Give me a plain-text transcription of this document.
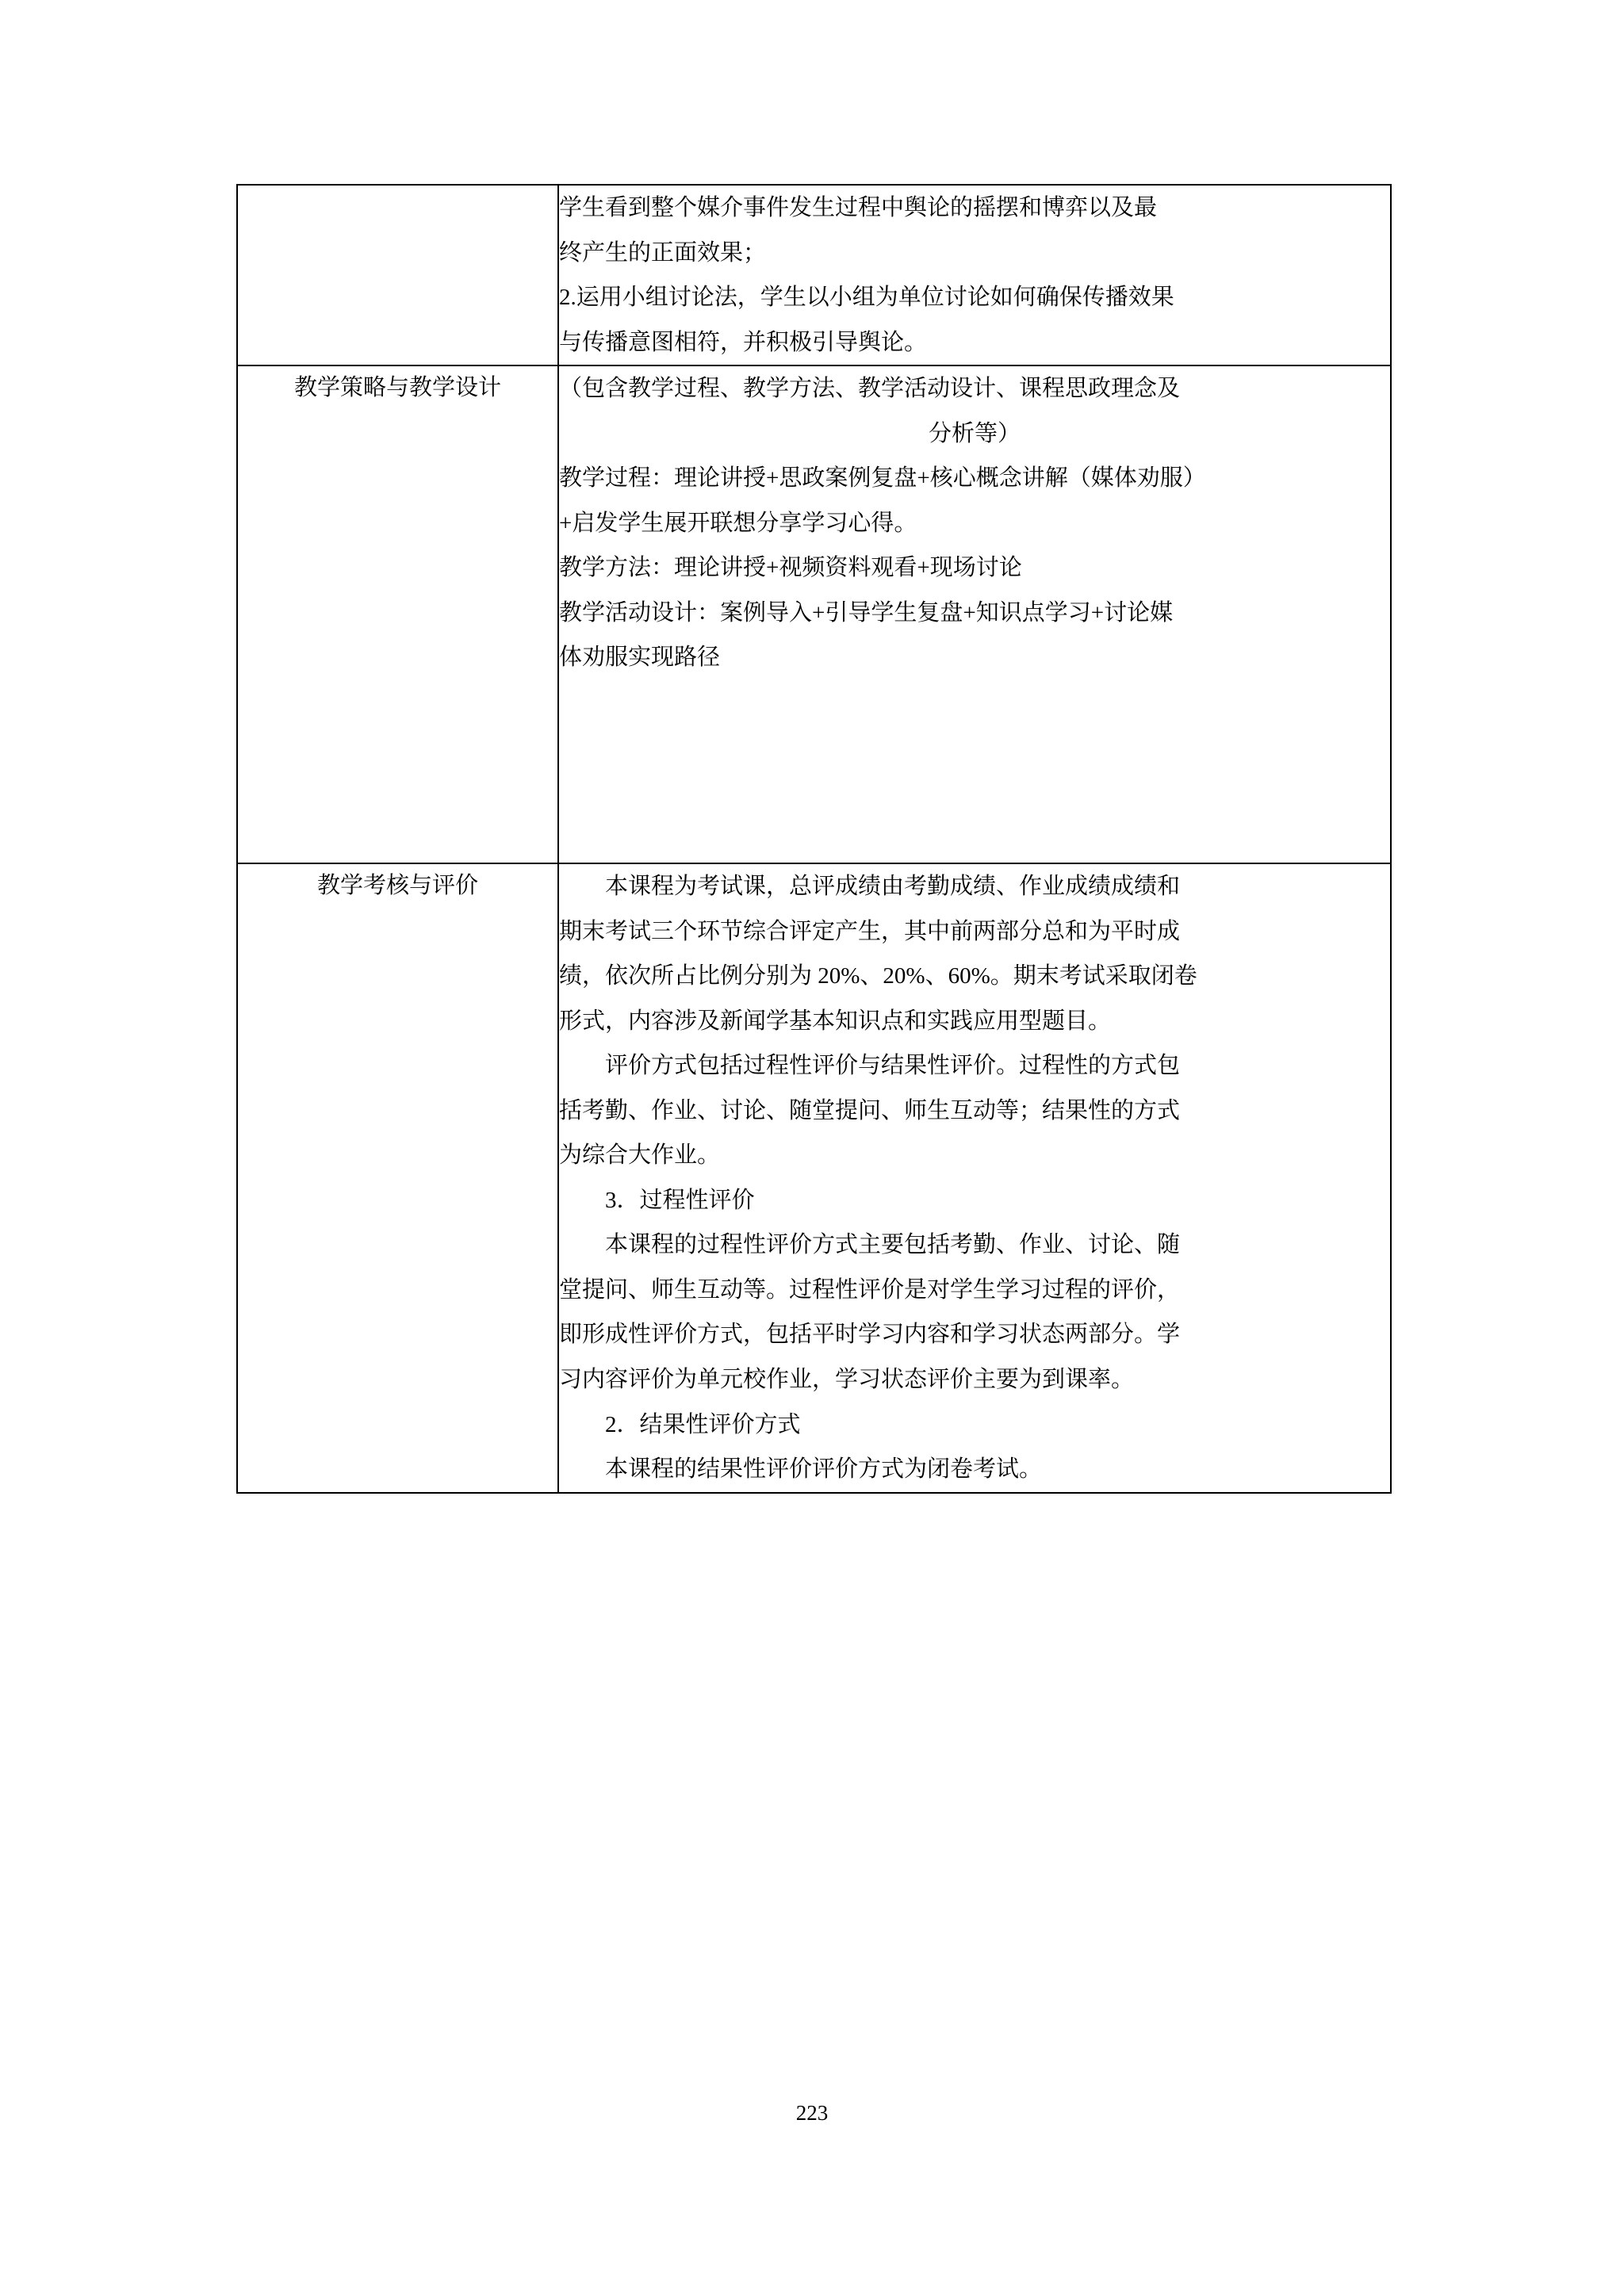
	学生看到整个媒介事件发生过程中舆论的摇摆和博弈以及最

终产生的正面效果；

2.运用小组讨论法，学生以小组为单位讨论如何确保传播效果

与传播意图相符，并积极引导舆论。

教学策略与教学设计	（包含教学过程、教学方法、教学活动设计、课程思政理念及

分析等）

教学过程：理论讲授+思政案例复盘+核心概念讲解（媒体劝服）

+启发学生展开联想分享学习心得。

教学方法：理论讲授+视频资料观看+现场讨论

教学活动设计：案例导入+引导学生复盘+知识点学习+讨论媒

体劝服实现路径

教学考核与评价	本课程为考试课，总评成绩由考勤成绩、作业成绩成绩和

期末考试三个环节综合评定产生，其中前两部分总和为平时成

绩，依次所占比例分别为 20%、20%、60%。期末考试采取闭卷

形式，内容涉及新闻学基本知识点和实践应用型题目。

评价方式包括过程性评价与结果性评价。过程性的方式包

括考勤、作业、讨论、随堂提问、师生互动等；结果性的方式

为综合大作业。

3．过程性评价

本课程的过程性评价方式主要包括考勤、作业、讨论、随

堂提问、师生互动等。过程性评价是对学生学习过程的评价，

即形成性评价方式，包括平时学习内容和学习状态两部分。学

习内容评价为单元校作业，学习状态评价主要为到课率。

2．结果性评价方式

本课程的结果性评价评价方式为闭卷考试。

223
